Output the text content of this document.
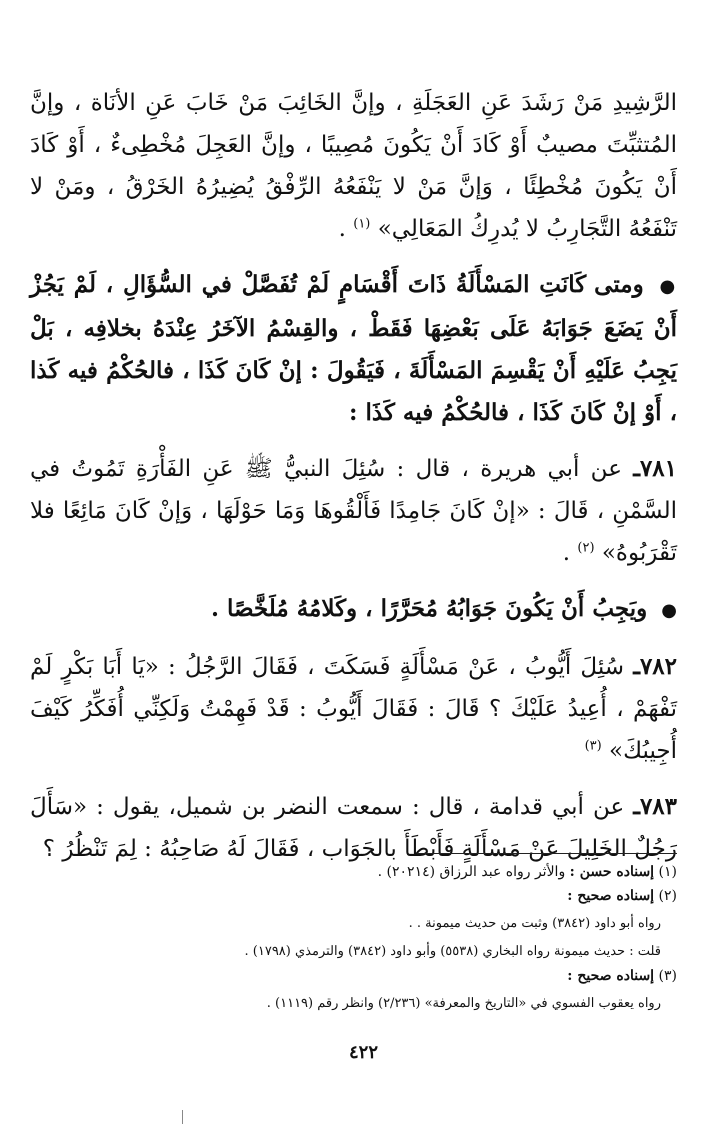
الرَّشِيدِ مَنْ رَشَدَ عَنِ العَجَلَةِ ، وإنَّ الخَائِبَ مَنْ خَابَ عَنِ الأنَاة ، وإنَّ المُتثبِّتَ مصيبٌ أَوْ كَادَ أَنْ يَكُونَ مُصِيبًا ، وإنَّ العَجِلَ مُخْطِىءٌ ، أَوْ كَادَ أَنْ يَكُونَ مُخْطِئًا ، وَإنَّ مَنْ لا يَنْفَعُهُ الرِّفْقُ يُضِيرُهُ الخَرْقُ ، ومَنْ لا تَنْفَعُهُ التَّجَارِبُ لا يُدرِكُ المَعَالِي» $^{(١)}$ .

● ومتى كَانَتِ المَسْأَلَةُ ذَاتَ أَقْسَامٍ لَمْ تُفَصَّلْ في السُّؤَالِ ، لَمْ يَجُزْ أَنْ يَضَعَ جَوَابَهُ عَلَى بَعْضِهَا فَقَطْ ، والقِسْمُ الآخَرُ عِنْدَهُ بخلافِه ، بَلْ يَجِبُ عَلَيْهِ أَنْ يَقْسِمَ المَسْأَلَةَ ، فَيَقُولَ : إنْ كَانَ كَذَا ، فالحُكْمُ فيه كَذا ، أَوْ إنْ كَانَ كَذَا ، فالحُكْمُ فيه كَذَا :

٧٨١ـ عن أبي هريرة ، قال : سُئِلَ النبيُّ ﷺ عَنِ الفَأْرَةِ تَمُوتُ في السَّمْنِ ، قَالَ : «إنْ كَانَ جَامِدًا فَأَلْقُوهَا وَمَا حَوْلَهَا ، وَإنْ كَانَ مَائِعًا فلا تَقْرَبُوهُ» $^{(٢)}$ .

● ويَجِبُ أَنْ يَكُونَ جَوَابُهُ مُحَرَّرًا ، وكَلامُهُ مُلَخَّصًا .

٧٨٢ـ سُئِلَ أَيُّوبُ ، عَنْ مَسْأَلَةٍ فَسَكَتَ ، فَقَالَ الرَّجُلُ : «يَا أَبَا بَكْرٍ لَمْ تَفْهَمْ ، أُعِيدُ عَلَيْكَ ؟ قَالَ : فَقَالَ أَيُّوبُ : قَدْ فَهِمْتُ وَلَكِنِّي أُفَكِّرُ كَيْفَ أُجِيبُكَ» $^{(٣)}$

٧٨٣ـ عن أبي قدامة ، قال : سمعت النضر بن شميل، يقول : «سَأَلَ رَجُلٌ الخَلِيلَ عَنْ مَسْأَلَةٍ فَأَبْطَأَ بالجَوَاب ، فَقَالَ لَهُ صَاحِبُهُ : لِمَ تَنْظُرُ ؟

(١) إسناده حسن : والأثر رواه عبد الرزاق (٢٠٢١٤) .

(٢) إسناده صحيح :

رواه أبو داود (٣٨٤٢) وثبت من حديث ميمونة . .

قلت : حديث ميمونة رواه البخاري (٥٥٣٨) وأبو داود (٣٨٤٢) والترمذي (١٧٩٨) .

(٣) إسناده صحيح :

رواه يعقوب الفسوي في «التاريخ والمعرفة» (٢/٢٣٦) وانظر رقم (١١١٩) .

٤٢٢
